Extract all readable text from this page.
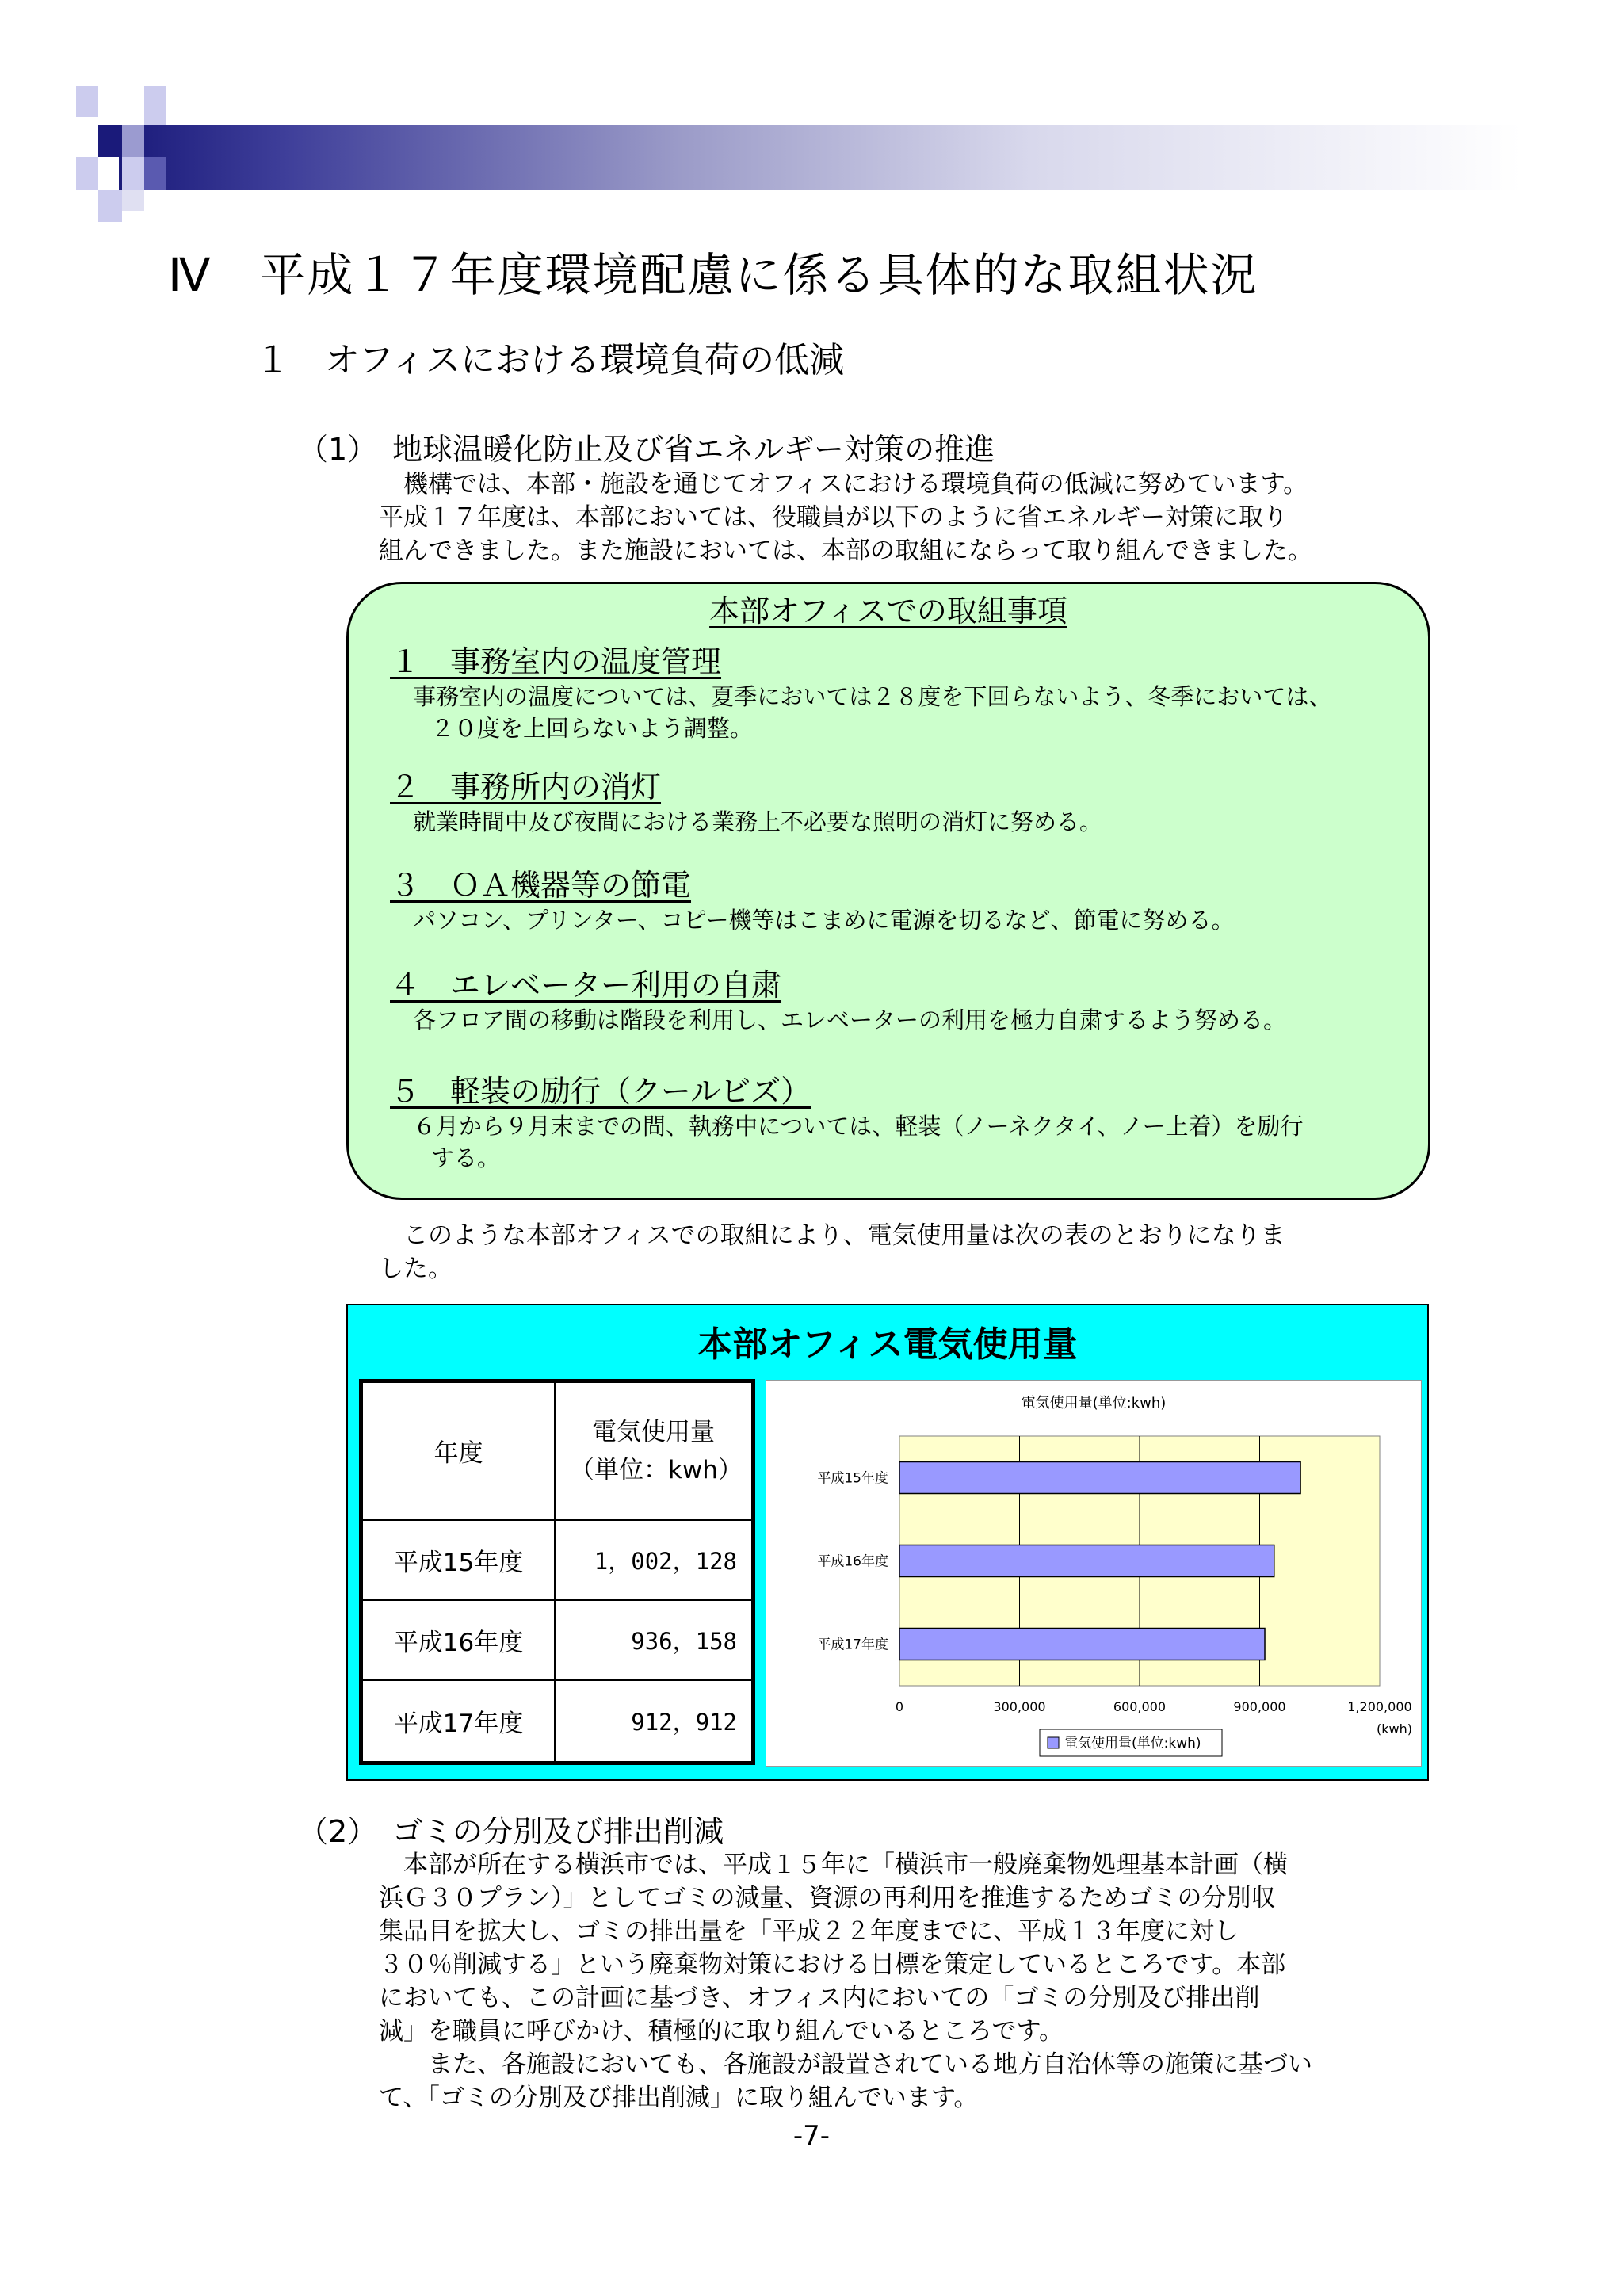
Ⅳ　平成１７年度環境配慮に係る具体的な取組状況
１　オフィスにおける環境負荷の低減
（1）　地球温暖化防止及び省エネルギー対策の推進
　機構では、本部・施設を通じてオフィスにおける環境負荷の低減に努めています。
平成１７年度は、本部においては、役職員が以下のように省エネルギー対策に取り
組んできました。また施設においては、本部の取組にならって取り組んできました。
本部オフィスでの取組事項
１　事務室内の温度管理
　事務室内の温度については、夏季においては２８度を下回らないよう、冬季においては、
２０度を上回らないよう調整。
２　事務所内の消灯
　就業時間中及び夜間における業務上不必要な照明の消灯に努める。
３　ＯＡ機器等の節電
　パソコン、プリンター、コピー機等はこまめに電源を切るなど、節電に努める。
４　エレベーター利用の自粛
　各フロア間の移動は階段を利用し、エレベーターの利用を極力自粛するよう努める。
５　軽装の励行（クールビズ）
　６月から９月末までの間、執務中については、軽装（ノーネクタイ、ノー上着）を励行
する。
　このような本部オフィスでの取組により、電気使用量は次の表のとおりになりま
した。
本部オフィス電気使用量
年度	電気使用量
（単位：kwh）

平成15年度	1，002，128
平成16年度	936，158
平成17年度	912，912
電気使用量(単位:kwh)
0	300,000	600,000	900,000	1,200,000
(kwh)
平成15年度
平成16年度
平成17年度
電気使用量(単位:kwh)
（2）　ゴミの分別及び排出削減
　本部が所在する横浜市では、平成１５年に「横浜市一般廃棄物処理基本計画（横
浜Ｇ３０プラン）」としてゴミの減量、資源の再利用を推進するためゴミの分別収
集品目を拡大し、ゴミの排出量を「平成２２年度までに、平成１３年度に対し
３０％削減する」という廃棄物対策における目標を策定しているところです。本部
においても、この計画に基づき、オフィス内においての「ゴミの分別及び排出削
減」を職員に呼びかけ、積極的に取り組んでいるところです。
　　また、各施設においても、各施設が設置されている地方自治体等の施策に基づい
て、「ゴミの分別及び排出削減」に取り組んでいます。
-7-
